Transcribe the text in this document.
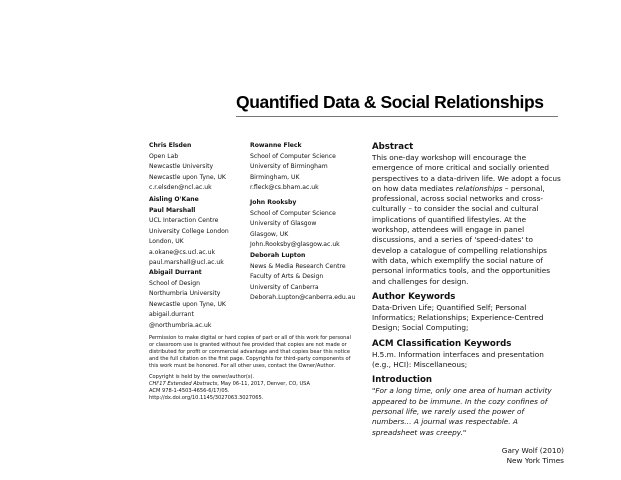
Quantified Data & Social Relationships
Chris Elsden
Open Lab
Newcastle University
Newcastle upon Tyne, UK
c.r.elsden@ncl.ac.uk
Aisling O'Kane
Paul Marshall
UCL Interaction Centre
University College London
London, UK
a.okane@cs.ucl.ac.uk
paul.marshall@ucl.ac.uk
Abigail Durrant
School of Design
Northumbria University
Newcastle upon Tyne, UK
abigail.durrant
@northumbria.ac.uk
Rowanne Fleck
School of Computer Science
University of Birmingham
Birmingham, UK
r.fleck@cs.bham.ac.uk
John Rooksby
School of Computer Science
University of Glasgow
Glasgow, UK
John.Rooksby@glasgow.ac.uk
Deborah Lupton
News & Media Research Centre
Faculty of Arts & Design
University of Canberra
Deborah.Lupton@canberra.edu.au

Permission to make digital or hard copies of part or all of this work for personal or classroom use is granted without fee provided that copies are not made or distributed for profit or commercial advantage and that copies bear this notice and the full citation on the first page. Copyrights for third-party components of this work must be honored. For all other uses, contact the Owner/Author.

Copyright is held by the owner/author(s).

CHI'17 Extended Abstracts, May 06-11, 2017, Denver, CO, USA

ACM 978-1-4503-4656-6/17/05.

http://dx.doi.org/10.1145/3027063.3027065.

Abstract

This one-day workshop will encourage the emergence of more critical and socially oriented perspectives to a data-driven life. We adopt a focus on how data mediates relationships – personal, professional, across social networks and cross-culturally – to consider the social and cultural implications of quantified lifestyles. At the workshop, attendees will engage in panel discussions, and a series of 'speed-dates' to develop a catalogue of compelling relationships with data, which exemplify the social nature of personal informatics tools, and the opportunities and challenges for design.

Author Keywords

Data-Driven Life; Quantified Self; Personal Informatics; Relationships; Experience-Centred Design; Social Computing;

ACM Classification Keywords

H.5.m. Information interfaces and presentation (e.g., HCI): Miscellaneous;

Introduction

"For a long time, only one area of human activity appeared to be immune. In the cozy confines of personal life, we rarely used the power of numbers… A journal was respectable. A spreadsheet was creepy."

Gary Wolf (2010)
New York Times
